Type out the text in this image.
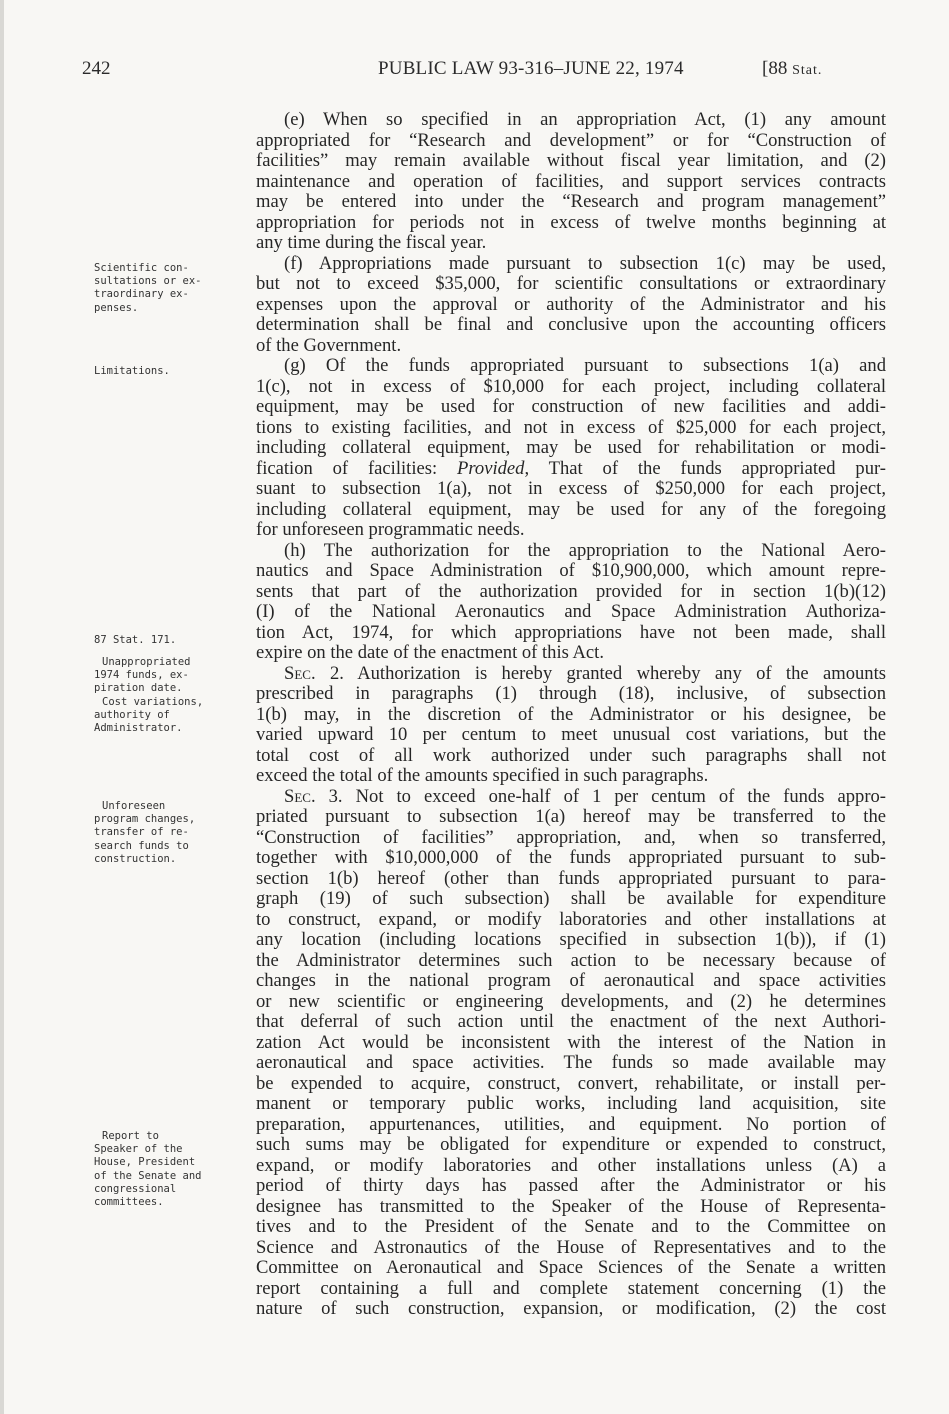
242	PUBLIC LAW 93-316–JUNE 22, 1974	[88 Stat.
Scientific con-
sultations or ex-
traordinary ex-
penses.
Limitations.
87 Stat. 171.
Unappropriated
1974 funds, ex-
piration date.
Cost variations,
authority of
Administrator.
Unforeseen
program changes,
transfer of re-
search funds to
construction.
Report to
Speaker of the
House, President
of the Senate and
congressional
committees.
(e) When so specified in an appropriation Act, (1) any amount
appropriated for “Research and development” or for “Construction of
facilities” may remain available without fiscal year limitation, and (2)
maintenance and operation of facilities, and support services contracts
may be entered into under the “Research and program management”
appropriation for periods not in excess of twelve months beginning at
any time during the fiscal year.
(f) Appropriations made pursuant to subsection 1(c) may be used,
but not to exceed $35,000, for scientific consultations or extraordinary
expenses upon the approval or authority of the Administrator and his
determination shall be final and conclusive upon the accounting officers
of the Government.
(g) Of the funds appropriated pursuant to subsections 1(a) and
1(c), not in excess of $10,000 for each project, including collateral
equipment, may be used for construction of new facilities and addi-
tions to existing facilities, and not in excess of $25,000 for each project,
including collateral equipment, may be used for rehabilitation or modi-
fication of facilities: Provided, That of the funds appropriated pur-
suant to subsection 1(a), not in excess of $250,000 for each project,
including collateral equipment, may be used for any of the foregoing
for unforeseen programmatic needs.
(h) The authorization for the appropriation to the National Aero-
nautics and Space Administration of $10,900,000, which amount repre-
sents that part of the authorization provided for in section 1(b)(12)
(I) of the National Aeronautics and Space Administration Authoriza-
tion Act, 1974, for which appropriations have not been made, shall
expire on the date of the enactment of this Act.
Sec. 2. Authorization is hereby granted whereby any of the amounts
prescribed in paragraphs (1) through (18), inclusive, of subsection
1(b) may, in the discretion of the Administrator or his designee, be
varied upward 10 per centum to meet unusual cost variations, but the
total cost of all work authorized under such paragraphs shall not
exceed the total of the amounts specified in such paragraphs.
Sec. 3. Not to exceed one-half of 1 per centum of the funds appro-
priated pursuant to subsection 1(a) hereof may be transferred to the
“Construction of facilities” appropriation, and, when so transferred,
together with $10,000,000 of the funds appropriated pursuant to sub-
section 1(b) hereof (other than funds appropriated pursuant to para-
graph (19) of such subsection) shall be available for expenditure
to construct, expand, or modify laboratories and other installations at
any location (including locations specified in subsection 1(b)), if (1)
the Administrator determines such action to be necessary because of
changes in the national program of aeronautical and space activities
or new scientific or engineering developments, and (2) he determines
that deferral of such action until the enactment of the next Authori-
zation Act would be inconsistent with the interest of the Nation in
aeronautical and space activities. The funds so made available may
be expended to acquire, construct, convert, rehabilitate, or install per-
manent or temporary public works, including land acquisition, site
preparation, appurtenances, utilities, and equipment. No portion of
such sums may be obligated for expenditure or expended to construct,
expand, or modify laboratories and other installations unless (A) a
period of thirty days has passed after the Administrator or his
designee has transmitted to the Speaker of the House of Representa-
tives and to the President of the Senate and to the Committee on
Science and Astronautics of the House of Representatives and to the
Committee on Aeronautical and Space Sciences of the Senate a written
report containing a full and complete statement concerning (1) the
nature of such construction, expansion, or modification, (2) the cost
